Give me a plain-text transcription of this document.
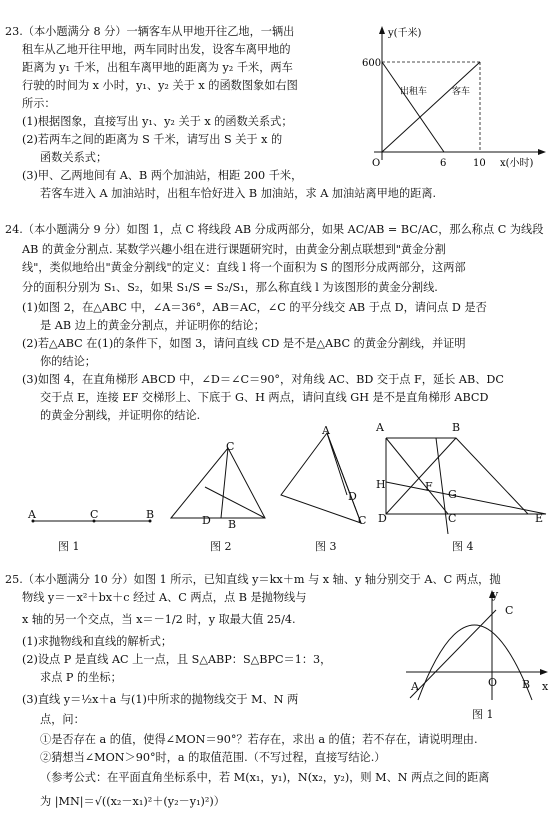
23.（本小题满分 8 分）一辆客车从甲地开往乙地，一辆出
租车从乙地开往甲地，两车同时出发，设客车离甲地的
距离为 y₁ 千米，出租车离甲地的距离为 y₂ 千米，两车
行驶的时间为 x 小时，y₁、y₂ 关于 x 的函数图象如右图
所示：
(1)根据图象，直接写出 y₁、y₂ 关于 x 的函数关系式；
(2)若两车之间的距离为 S 千米，请写出 S 关于 x 的
函数关系式；
(3)甲、乙两地间有 A、B 两个加油站，相距 200 千米，
若客车进入 A 加油站时，出租车恰好进入 B 加油站，求 A 加油站离甲地的距离.
y(千米)
600
出租车	客车
O	6	10 x(小时)
24.（本小题满分 9 分）如图 1，点 C 将线段 AB 分成两部分，如果 AC/AB = BC/AC，那么称点 C 为线段
AB 的黄金分割点. 某数学兴趣小组在进行课题研究时，由黄金分割点联想到"黄金分割
线"，类似地给出"黄金分割线"的定义：直线 l 将一个面积为 S 的图形分成两部分，这两部
分的面积分别为 S₁、S₂，如果 S₁/S = S₂/S₁，那么称直线 l 为该图形的黄金分割线.
(1)如图 2，在△ABC 中，∠A＝36°，AB＝AC，∠C 的平分线交 AB 于点 D，请问点 D 是否
是 AB 边上的黄金分割点，并证明你的结论；
(2)若△ABC 在(1)的条件下，如图 3，请问直线 CD 是不是△ABC 的黄金分割线，并证明
你的结论；
(3)如图 4，在直角梯形 ABCD 中，∠D＝∠C＝90°，对角线 AC、BD 交于点 F，延长 AB、DC
交于点 E，连接 EF 交梯形上、下底于 G、H 两点，请问直线 GH 是不是直角梯形 ABCD
的黄金分割线，并证明你的结论.
A	C	B
图 1
C
D B
图 2
A
D
C
图 3
A	B
H	F
G
D	C	E
图 4
25.（本小题满分 10 分）如图 1 所示，已知直线 y＝kx＋m 与 x 轴、y 轴分别交于 A、C 两点，抛
物线 y＝－x²＋bx＋c 经过 A、C 两点，点 B 是抛物线与
x 轴的另一个交点，当 x＝－1/2 时，y 取最大值 25/4.
(1)求抛物线和直线的解析式；
(2)设点 P 是直线 AC 上一点，且 S△ABP：S△BPC＝1：3，
求点 P 的坐标；
(3)直线 y＝½x＋a 与(1)中所求的抛物线交于 M、N 两
点，问：
①是否存在 a 的值，使得∠MON＝90°？若存在，求出 a 的值；若不存在，请说明理由.
②猜想当∠MON＞90°时，a 的取值范围.（不写过程，直接写结论.）
（参考公式：在平面直角坐标系中，若 M(x₁，y₁)，N(x₂，y₂)，则 M、N 两点之间的距离
为 |MN|＝√((x₂－x₁)²＋(y₂－y₁)²)）
y
C
A	O B x
图 1
